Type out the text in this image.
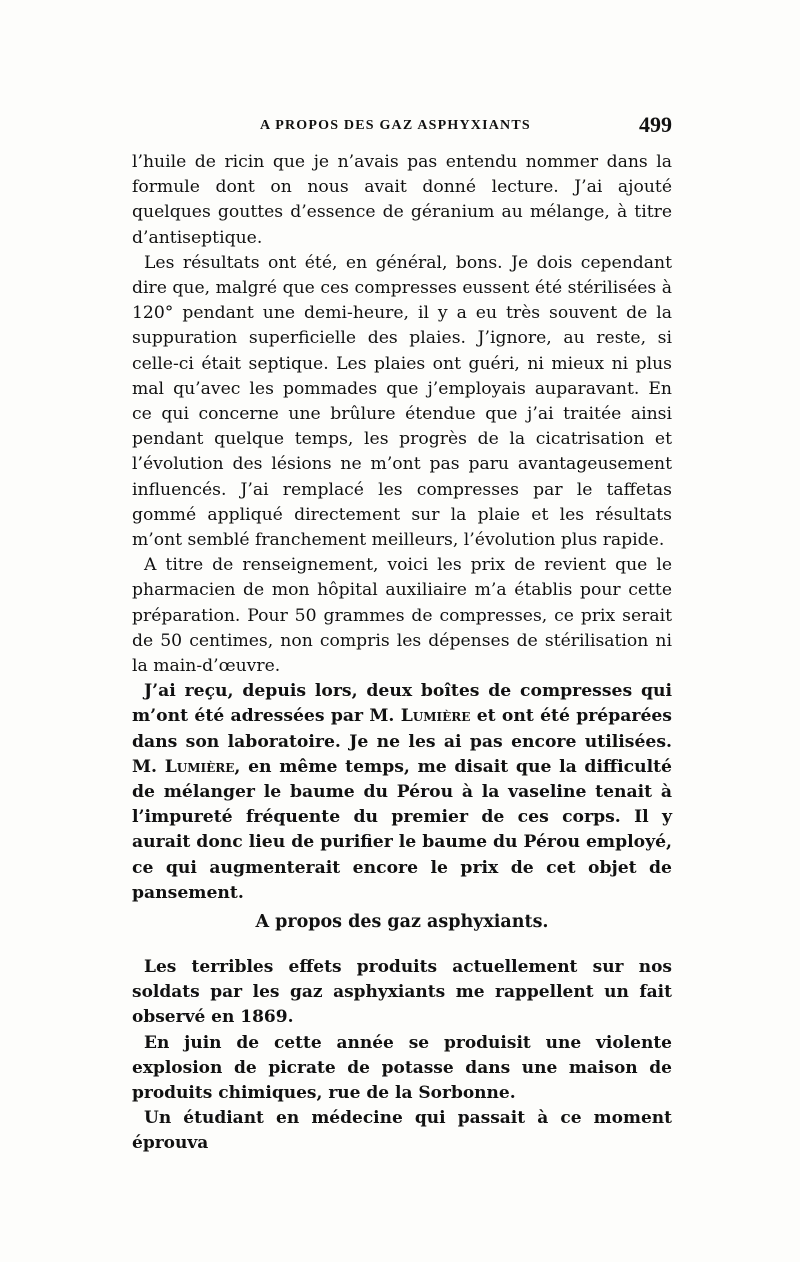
A PROPOS DES GAZ ASPHYXIANTS	499

l’huile de ricin que je n’avais pas entendu nommer dans la formule dont on nous avait donné lecture. J’ai ajouté quelques gouttes d’essence de géranium au mélange, à titre d’antiseptique.

Les résultats ont été, en général, bons. Je dois cependant dire que, malgré que ces compresses eussent été stérilisées à 120° pendant une demi-heure, il y a eu très souvent de la suppuration superficielle des plaies. J’ignore, au reste, si celle-ci était septique. Les plaies ont guéri, ni mieux ni plus mal qu’avec les pommades que j’employais auparavant. En ce qui concerne une brûlure étendue que j’ai traitée ainsi pendant quelque temps, les progrès de la cicatrisation et l’évolution des lésions ne m’ont pas paru avantageusement influencés. J’ai remplacé les compresses par le taffetas gommé appliqué directement sur la plaie et les résultats m’ont semblé franchement meilleurs, l’évolution plus rapide.

A titre de renseignement, voici les prix de revient que le pharmacien de mon hôpital auxiliaire m’a établis pour cette préparation. Pour 50 grammes de compresses, ce prix serait de 50 centimes, non compris les dépenses de stérilisation ni la main-d’œuvre.

J’ai reçu, depuis lors, deux boîtes de compresses qui m’ont été adressées par M. Lumière et ont été préparées dans son laboratoire. Je ne les ai pas encore utilisées. M. Lumière, en même temps, me disait que la difficulté de mélanger le baume du Pérou à la vaseline tenait à l’impureté fréquente du premier de ces corps. Il y aurait donc lieu de purifier le baume du Pérou employé, ce qui augmenterait encore le prix de cet objet de pansement.

A propos des gaz asphyxiants.

Les terribles effets produits actuellement sur nos soldats par les gaz asphyxiants me rappellent un fait observé en 1869.

En juin de cette année se produisit une violente explosion de picrate de potasse dans une maison de produits chimiques, rue de la Sorbonne.

Un étudiant en médecine qui passait à ce moment éprouva
